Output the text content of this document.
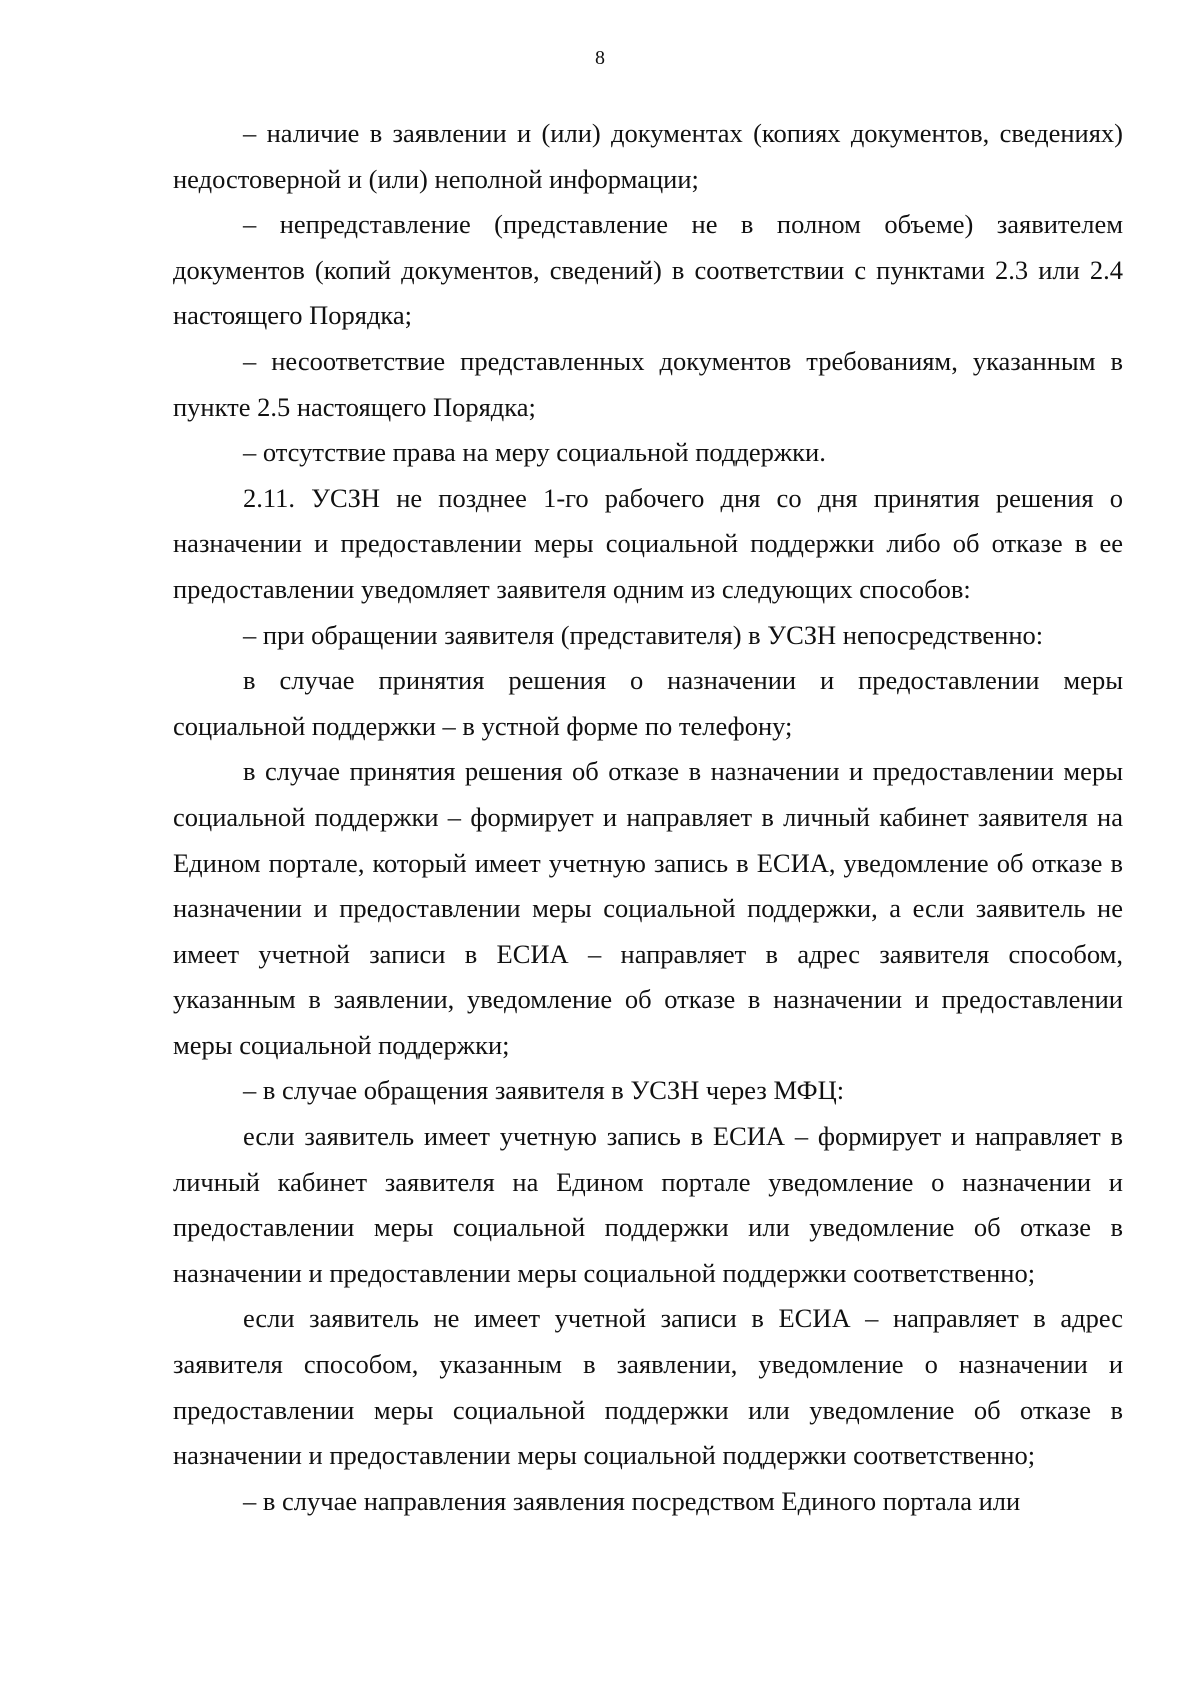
8

– наличие в заявлении и (или) документах (копиях документов, сведениях) недостоверной и (или) неполной информации;

– непредставление (представление не в полном объеме) заявителем документов (копий документов, сведений) в соответствии с пунктами 2.3 или 2.4 настоящего Порядка;

– несоответствие представленных документов требованиям, указанным в пункте 2.5 настоящего Порядка;

– отсутствие права на меру социальной поддержки.

2.11. УСЗН не позднее 1-го рабочего дня со дня принятия решения о назначении и предоставлении меры социальной поддержки либо об отказе в ее предоставлении уведомляет заявителя одним из следующих способов:

– при обращении заявителя (представителя) в УСЗН непосредственно:

в случае принятия решения о назначении и предоставлении меры социальной поддержки – в устной форме по телефону;

в случае принятия решения об отказе в назначении и предоставлении меры социальной поддержки – формирует и направляет в личный кабинет заявителя на Едином портале, который имеет учетную запись в ЕСИА, уведомление об отказе в назначении и предоставлении меры социальной поддержки, а если заявитель не имеет учетной записи в ЕСИА – направляет в адрес заявителя способом, указанным в заявлении, уведомление об отказе в назначении и предоставлении меры социальной поддержки;

– в случае обращения заявителя в УСЗН через МФЦ:

если заявитель имеет учетную запись в ЕСИА – формирует и направляет в личный кабинет заявителя на Едином портале уведомление о назначении и предоставлении меры социальной поддержки или уведомление об отказе в назначении и предоставлении меры социальной поддержки соответственно;

если заявитель не имеет учетной записи в ЕСИА – направляет в адрес заявителя способом, указанным в заявлении, уведомление о назначении и предоставлении меры социальной поддержки или уведомление об отказе в назначении и предоставлении меры социальной поддержки соответственно;

– в случае направления заявления посредством Единого портала или
